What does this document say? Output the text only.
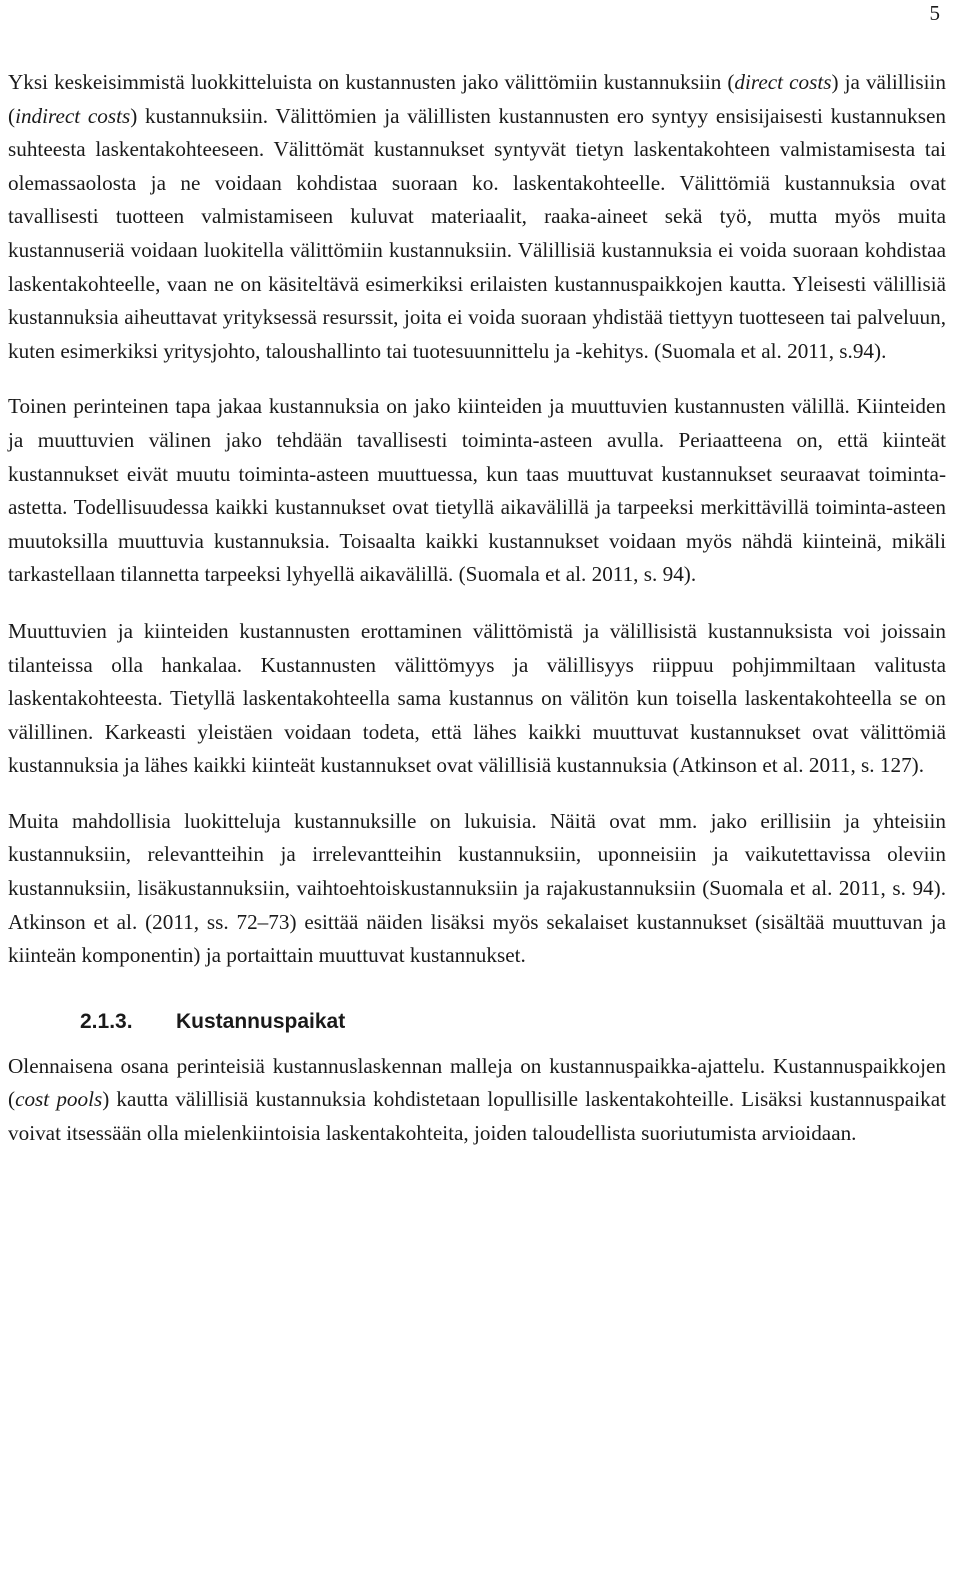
5

Yksi keskeisimmistä luokkitteluista on kustannusten jako välittömiin kustannuksiin (direct costs) ja välillisiin (indirect costs) kustannuksiin. Välittömien ja välillisten kustannusten ero syntyy ensisijaisesti kustannuksen suhteesta laskentakohteeseen. Välittömät kustannukset syntyvät tietyn laskentakohteen valmistamisesta tai olemassaolosta ja ne voidaan kohdistaa suoraan ko. laskentakohteelle. Välittömiä kustannuksia ovat tavallisesti tuotteen valmistamiseen kuluvat materiaalit, raaka-aineet sekä työ, mutta myös muita kustannuseriä voidaan luokitella välittömiin kustannuksiin. Välillisiä kustannuksia ei voida suoraan kohdistaa laskentakohteelle, vaan ne on käsiteltävä esimerkiksi erilaisten kustannuspaikkojen kautta. Yleisesti välillisiä kustannuksia aiheuttavat yrityksessä resurssit, joita ei voida suoraan yhdistää tiettyyn tuotteseen tai palveluun, kuten esimerkiksi yritysjohto, taloushallinto tai tuotesuunnittelu ja -kehitys. (Suomala et al. 2011, s.94).

Toinen perinteinen tapa jakaa kustannuksia on jako kiinteiden ja muuttuvien kustannusten välillä. Kiinteiden ja muuttuvien välinen jako tehdään tavallisesti toiminta-asteen avulla. Periaatteena on, että kiinteät kustannukset eivät muutu toiminta-asteen muuttuessa, kun taas muuttuvat kustannukset seuraavat toiminta-astetta. Todellisuudessa kaikki kustannukset ovat tietyllä aikavälillä ja tarpeeksi merkittävillä toiminta-asteen muutoksilla muuttuvia kustannuksia. Toisaalta kaikki kustannukset voidaan myös nähdä kiinteinä, mikäli tarkastellaan tilannetta tarpeeksi lyhyellä aikavälillä. (Suomala et al. 2011, s. 94).

Muuttuvien ja kiinteiden kustannusten erottaminen välittömistä ja välillisistä kustannuksista voi joissain tilanteissa olla hankalaa. Kustannusten välittömyys ja välillisyys riippuu pohjimmiltaan valitusta laskentakohteesta. Tietyllä laskentakohteella sama kustannus on välitön kun toisella laskentakohteella se on välillinen. Karkeasti yleistäen voidaan todeta, että lähes kaikki muuttuvat kustannukset ovat välittömiä kustannuksia ja lähes kaikki kiinteät kustannukset ovat välillisiä kustannuksia (Atkinson et al. 2011, s. 127).

Muita mahdollisia luokitteluja kustannuksille on lukuisia. Näitä ovat mm. jako erillisiin ja yhteisiin kustannuksiin, relevantteihin ja irrelevantteihin kustannuksiin, uponneisiin ja vaikutettavissa oleviin kustannuksiin, lisäkustannuksiin, vaihtoehtoiskustannuksiin ja rajakustannuksiin (Suomala et al. 2011, s. 94). Atkinson et al. (2011, ss. 72–73) esittää näiden lisäksi myös sekalaiset kustannukset (sisältää muuttuvan ja kiinteän komponentin) ja portaittain muuttuvat kustannukset.

2.1.3.	Kustannuspaikat

Olennaisena osana perinteisiä kustannuslaskennan malleja on kustannuspaikka-ajattelu. Kustannuspaikkojen (cost pools) kautta välillisiä kustannuksia kohdistetaan lopullisille laskentakohteille. Lisäksi kustannuspaikat voivat itsessään olla mielenkiintoisia laskentakohteita, joiden taloudellista suoriutumista arvioidaan.
